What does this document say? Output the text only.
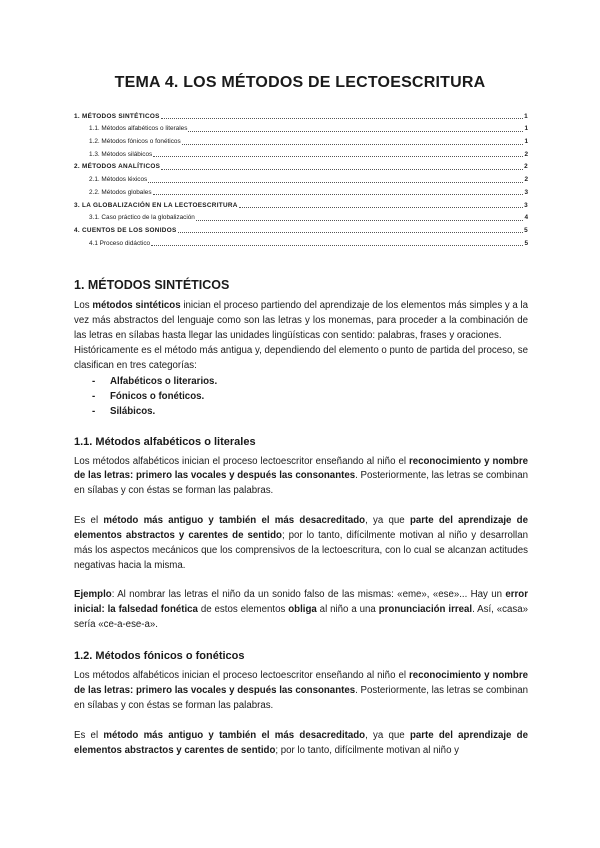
TEMA 4. LOS MÉTODOS DE LECTOESCRITURA
1. MÉTODOS SINTÉTICOS	1
1.1. Métodos alfabéticos o literales	1
1.2. Métodos fónicos o fonéticos	1
1.3. Métodos silábicos	2
2. MÉTODOS ANALÍTICOS	2
2.1. Métodos léxicos	2
2.2. Métodos globales	3
3. LA GLOBALIZACIÓN EN LA LECTOESCRITURA	3
3.1. Caso práctico de la globalización	4
4. CUENTOS DE LOS SONIDOS	5
4.1 Proceso didáctico	5
1. MÉTODOS SINTÉTICOS

Los métodos sintéticos inician el proceso partiendo del aprendizaje de los elementos más simples y a la vez más abstractos del lenguaje como son las letras y los monemas, para proceder a la combinación de las letras en sílabas hasta llegar las unidades lingüísticas con sentido: palabras, frases y oraciones.

Históricamente es el método más antigua y, dependiendo del elemento o punto de partida del proceso, se clasifican en tres categorías:

-	Alfabéticos o literarios.
-	Fónicos o fonéticos.
-	Silábicos.
1.1. Métodos alfabéticos o literales

Los métodos alfabéticos inician el proceso lectoescritor enseñando al niño el reconocimiento y nombre de las letras: primero las vocales y después las consonantes. Posteriormente, las letras se combinan en sílabas y con éstas se forman las palabras.

Es el método más antiguo y también el más desacreditado, ya que parte del aprendizaje de elementos abstractos y carentes de sentido; por lo tanto, difícilmente motivan al niño y desarrollan más los aspectos mecánicos que los comprensivos de la lectoescritura, con lo cual se alcanzan actitudes negativas hacia la misma.

Ejemplo: Al nombrar las letras el niño da un sonido falso de las mismas: «eme», «ese»... Hay un error inicial: la falsedad fonética de estos elementos obliga al niño a una pronunciación irreal. Así, «casa» sería «ce-a-ese-a».

1.2. Métodos fónicos o fonéticos

Los métodos alfabéticos inician el proceso lectoescritor enseñando al niño el reconocimiento y nombre de las letras: primero las vocales y después las consonantes. Posteriormente, las letras se combinan en sílabas y con éstas se forman las palabras.

Es el método más antiguo y también el más desacreditado, ya que parte del aprendizaje de elementos abstractos y carentes de sentido; por lo tanto, difícilmente motivan al niño y
